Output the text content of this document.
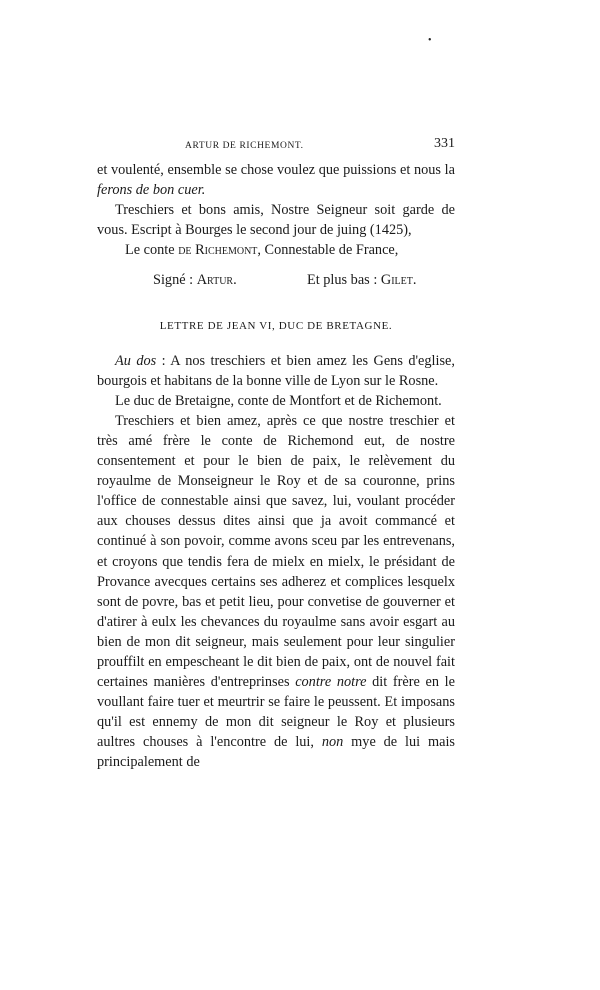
•
ARTUR DE RICHEMONT.	331

et voulenté, ensemble se chose voulez que puissions et nous la ferons de bon cuer.

Treschiers et bons amis, Nostre Seigneur soit garde de vous. Escript à Bourges le second jour de juing (1425),

Le conte de Richemont, Connestable de France,

Signé : Artur.	Et plus bas : Gilet.
LETTRE DE JEAN VI, DUC DE BRETAGNE.

Au dos : A nos treschiers et bien amez les Gens d'eglise, bourgois et habitans de la bonne ville de Lyon sur le Rosne.

Le duc de Bretaigne, conte de Montfort et de Richemont.

Treschiers et bien amez, après ce que nostre treschier et très amé frère le conte de Richemond eut, de nostre consentement et pour le bien de paix, le relèvement du royaulme de Monseigneur le Roy et de sa couronne, prins l'office de connestable ainsi que savez, lui, voulant procéder aux chouses dessus dites ainsi que ja avoit commancé et continué à son povoir, comme avons sceu par les entrevenans, et croyons que tendis fera de mielx en mielx, le présidant de Provance avecques certains ses adherez et complices lesquelx sont de povre, bas et petit lieu, pour convetise de gouverner et d'atirer à eulx les chevances du royaulme sans avoir esgart au bien de mon dit seigneur, mais seulement pour leur singulier prouffilt en empescheant le dit bien de paix, ont de nouvel fait certaines manières d'entreprinses contre notre dit frère en le voullant faire tuer et meurtrir se faire le peussent. Et imposans qu'il est ennemy de mon dit seigneur le Roy et plusieurs aultres chouses à l'encontre de lui, non mye de lui mais principalement de
